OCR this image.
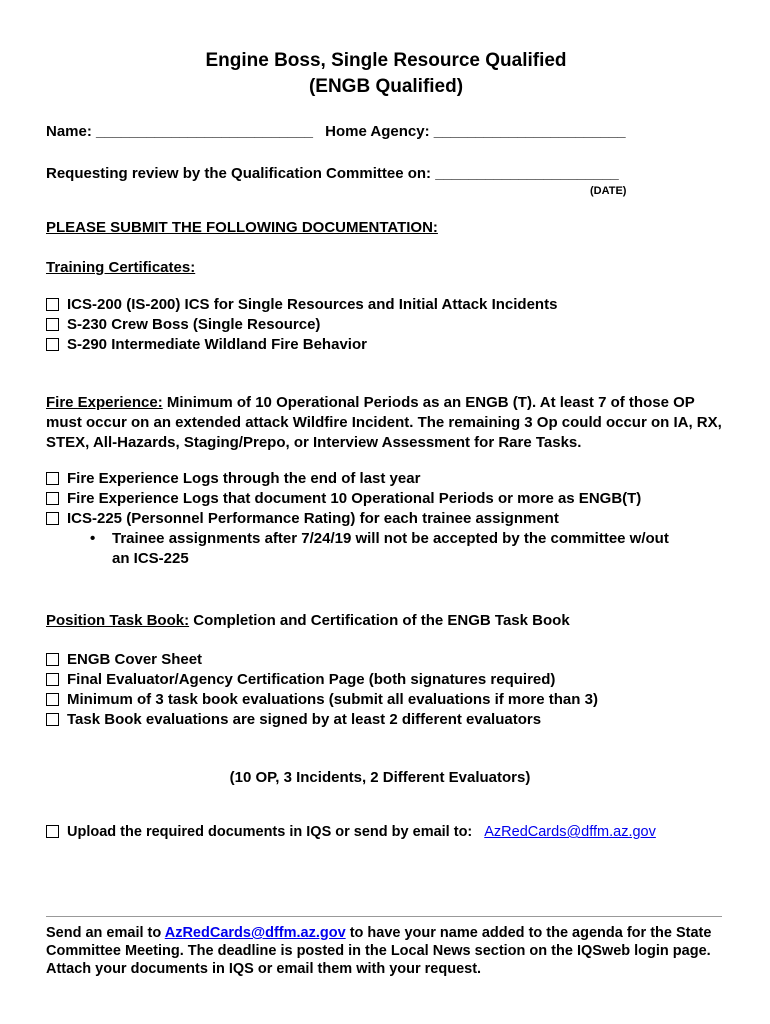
Engine Boss, Single Resource Qualified
(ENGB Qualified)
Name: __________________________ Home Agency: _______________________
Requesting review by the Qualification Committee on: ______________________
(DATE)
PLEASE SUBMIT THE FOLLOWING DOCUMENTATION:
Training Certificates:
ICS-200 (IS-200) ICS for Single Resources and Initial Attack Incidents
S-230 Crew Boss (Single Resource)
S-290 Intermediate Wildland Fire Behavior
Fire Experience: Minimum of 10 Operational Periods as an ENGB (T). At least 7 of those OP must occur on an extended attack Wildfire Incident. The remaining 3 Op could occur on IA, RX, STEX, All-Hazards, Staging/Prepo, or Interview Assessment for Rare Tasks.
Fire Experience Logs through the end of last year
Fire Experience Logs that document 10 Operational Periods or more as ENGB(T)
ICS-225 (Personnel Performance Rating) for each trainee assignment
•	Trainee assignments after 7/24/19 will not be accepted by the committee w/out an ICS-225
Position Task Book: Completion and Certification of the ENGB Task Book
ENGB Cover Sheet
Final Evaluator/Agency Certification Page (both signatures required)
Minimum of 3 task book evaluations (submit all evaluations if more than 3)
Task Book evaluations are signed by at least 2 different evaluators
(10 OP, 3 Incidents, 2 Different Evaluators)
Upload the required documents in IQS or send by email to: AzRedCards@dffm.az.gov
Send an email to AzRedCards@dffm.az.gov to have your name added to the agenda for the State Committee Meeting. The deadline is posted in the Local News section on the IQSweb login page. Attach your documents in IQS or email them with your request.
